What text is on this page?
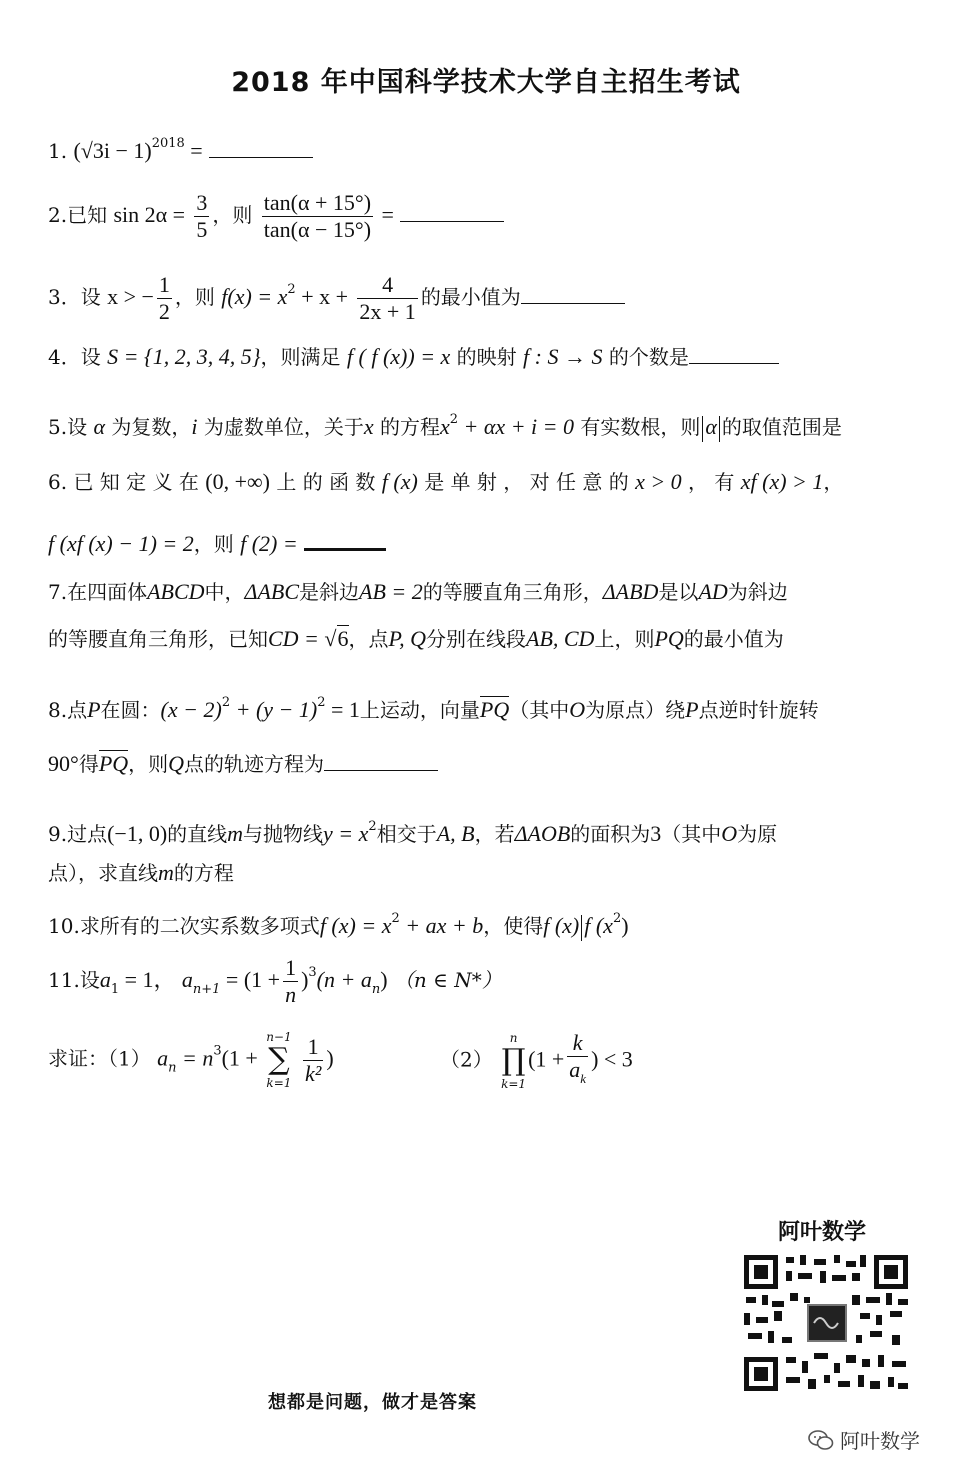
2018 年中国科学技术大学自主招生考试
1. $(√3i - 1)^{2018}$ =
2.已知 $\sin 2\alpha = \frac{3}{5}$ ，则 $\frac{\tan(\alpha + 15^\circ)}{\tan(\alpha - 15^\circ)}$ =
3．设 x > − $\frac{1}{2}$ ，则 $f(x) = x^2 + x + \frac{4}{2x + 1}$ 的最小值为
4．设 S = {1, 2, 3, 4, 5}，则满足 f ( f (x)) = x 的映射 f : S → S 的个数是
5.设 α 为复数，i 为虚数单位，关于x 的方程$x^2 + \alpha x + i = 0$ 有实数根，则 α 的取值范围是
6. 已 知 定 义 在 (0, +∞) 上 的 函 数 f (x) 是 单 射 ， 对 任 意 的 x > 0 ， 有 xf (x) > 1，
f (xf (x) − 1) = 2，则 f (2) =
7.在四面体ABCD中，ΔABC是斜边AB = 2的等腰直角三角形，ΔABD是以AD为斜边
的等腰直角三角形，已知CD = √6，点P, Q分别在线段AB, CD上，则PQ的最小值为
8.点P在圆：$(x - 2)^2 + (y - 1)^2 = 1$上运动，向量PQ（其中O为原点）绕P点逆时针旋转
90°得PQ，则Q点的轨迹方程为
9.过点(−1, 0)的直线m与抛物线$y = x^2$相交于A, B，若ΔAOB的面积为3（其中O为原
点），求直线m的方程
10.求所有的二次实系数多项式f $(x) = x^2$ + ax + b，使得f (x) f $(x^2)$
11.设$a_1 = 1$， $a_{n+1} = (1 + \frac{1}{n} )^3(n + a_n)$ （n ∈ N*）
求证：（1） $a_n = n^3(1$ +
n−1
∑
k=1
$\frac{1}{\text{k²}}$ )	（2）
n
∏
k=1
($1 + \frac{k}{a_k}$ ) < 3
阿叶数学
想都是问题，做才是答案
阿叶数学
